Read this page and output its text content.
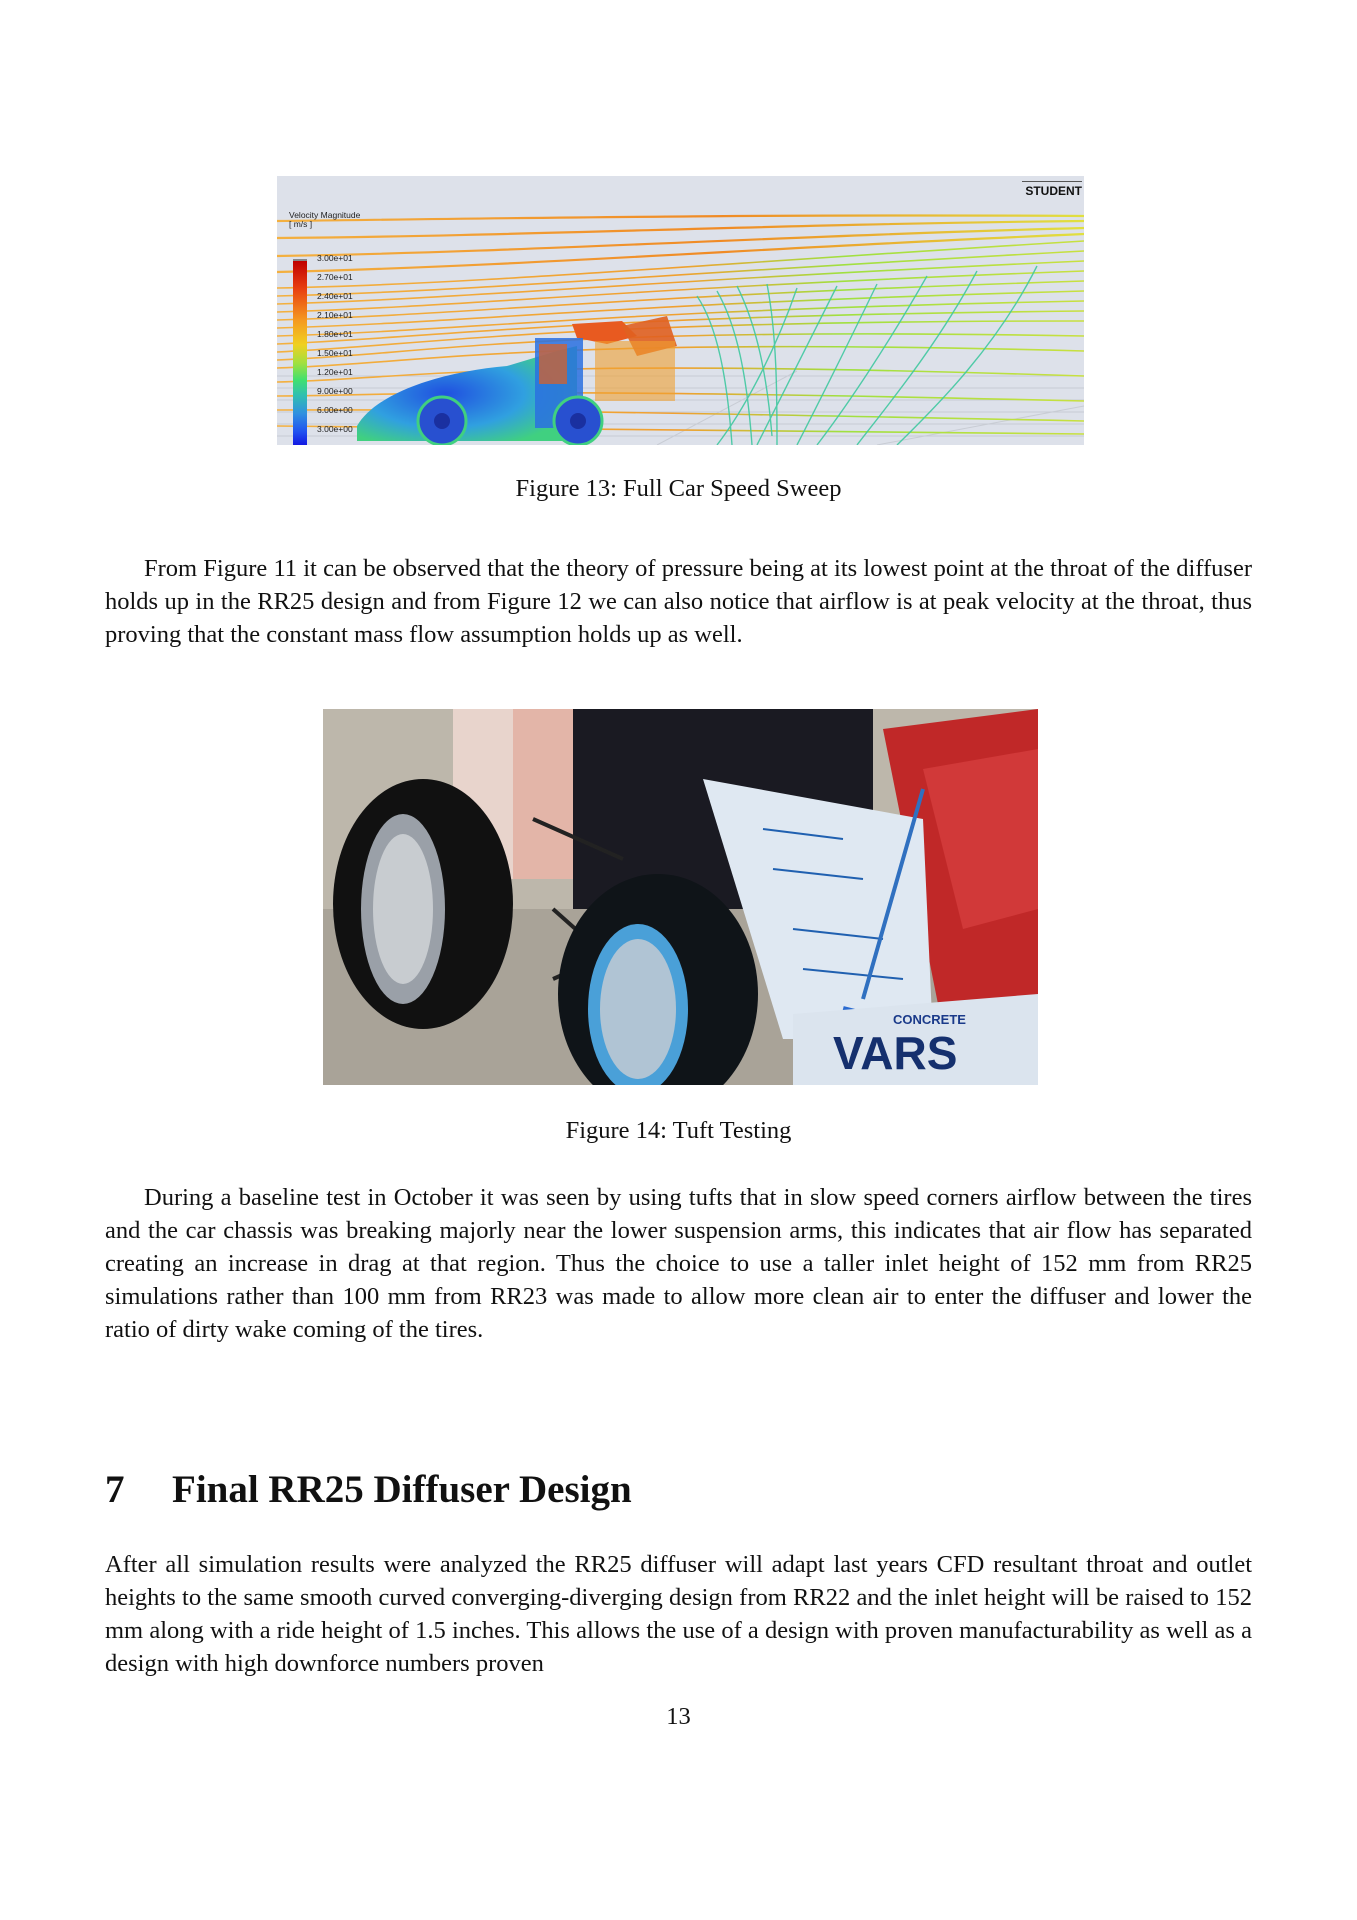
Velocity Magnitude
[ m/s ]
3.00e+01
2.70e+01
2.40e+01
2.10e+01
1.80e+01
1.50e+01
1.20e+01
9.00e+00
6.00e+00
3.00e+00
STUDENT
Figure 13: Full Car Speed Sweep

From Figure 11 it can be observed that the theory of pressure being at its lowest point at the throat of the diffuser holds up in the RR25 design and from Figure 12 we can also notice that airflow is at peak velocity at the throat, thus proving that the constant mass flow assumption holds up as well.

CONCRETE
VARS
Figure 14: Tuft Testing

During a baseline test in October it was seen by using tufts that in slow speed corners airflow between the tires and the car chassis was breaking majorly near the lower suspension arms, this indicates that air flow has separated creating an increase in drag at that region. Thus the choice to use a taller inlet height of 152 mm from RR25 simulations rather than 100 mm from RR23 was made to allow more clean air to enter the diffuser and lower the ratio of dirty wake coming of the tires.

7 Final RR25 Diffuser Design

After all simulation results were analyzed the RR25 diffuser will adapt last years CFD resultant throat and outlet heights to the same smooth curved converging-diverging design from RR22 and the inlet height will be raised to 152 mm along with a ride height of 1.5 inches. This allows the use of a design with proven manufacturability as well as a design with high downforce numbers proven

13
